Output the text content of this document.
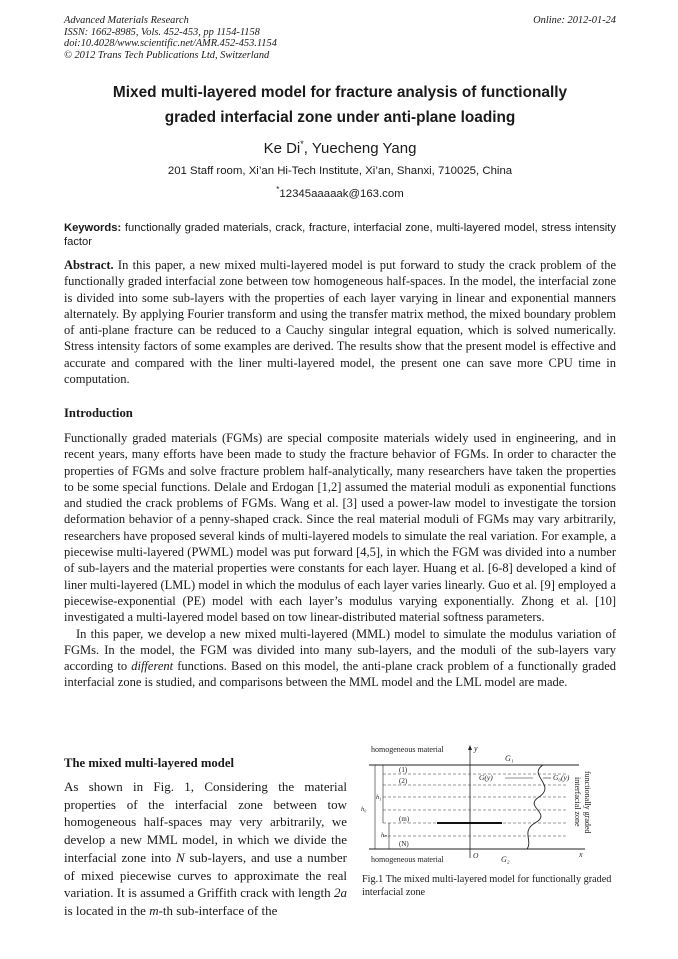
Advanced Materials Research
ISSN: 1662-8985, Vols. 452-453, pp 1154-1158
doi:10.4028/www.scientific.net/AMR.452-453.1154
© 2012 Trans Tech Publications Ltd, Switzerland
Online: 2012-01-24
Mixed multi-layered model for fracture analysis of functionally
graded interfacial zone under anti-plane loading
Ke Di*, Yuecheng Yang
201 Staff room, Xi’an Hi-Tech Institute, Xi’an, Shanxi, 710025, China
*12345aaaaak@163.com
Keywords: functionally graded materials, crack, fracture, interfacial zone, multi-layered model, stress intensity factor
Abstract. In this paper, a new mixed multi-layered model is put forward to study the crack problem of the functionally graded interfacial zone between tow homogeneous half-spaces. In the model, the interfacial zone is divided into some sub-layers with the properties of each layer varying in linear and exponential manners alternately. By applying Fourier transform and using the transfer matrix method, the mixed boundary problem of anti-plane fracture can be reduced to a Cauchy singular integral equation, which is solved numerically. Stress intensity factors of some examples are derived. The results show that the present model is effective and accurate and compared with the liner multi-layered model, the present one can save more CPU time in computation.
Introduction

Functionally graded materials (FGMs) are special composite materials widely used in engineering, and in recent years, many efforts have been made to study the fracture behavior of FGMs. In order to character the properties of FGMs and solve fracture problem half-analytically, many researchers have taken the properties to be some special functions. Delale and Erdogan [1,2] assumed the material moduli as exponential functions and studied the crack problems of FGMs. Wang et al. [3] used a power-law model to investigate the torsion deformation behavior of a penny-shaped crack. Since the real material moduli of FGMs may vary arbitrarily, researchers have proposed several kinds of multi-layered models to simulate the real variation. For example, a piecewise multi-layered (PWML) model was put forward [4,5], in which the FGM was divided into a number of sub-layers and the material properties were constants for each layer. Huang et al. [6-8] developed a kind of liner multi-layered (LML) model in which the modulus of each layer varies linearly. Guo et al. [9] employed a piecewise-exponential (PE) model with each layer’s modulus varying exponentially. Zhong et al. [10] investigated a multi-layered model based on tow linear-distributed material softness parameters.

In this paper, we develop a new mixed multi-layered (MML) model to simulate the modulus variation of FGMs. In the model, the FGM was divided into many sub-layers, and the moduli of the sub-layers vary according to different functions. Based on this model, the anti-plane crack problem of a functionally graded interfacial zone is studied, and comparisons between the MML model and the LML model are made.

The mixed multi-layered model
As shown in Fig. 1, Considering the material properties of the interfacial zone between tow homogeneous half-spaces may very arbitrarily, we develop a new MML model, in which we divide the interfacial zone into N sub-layers, and use a number of mixed piecewise curves to approximate the real variation. It is assumed a Griffith crack with length 2a is located in the m-th sub-interface of the
homogeneous material	y
G₁
(1)
(2)
(m)
(N)
h₀
h₁
hₙ
G(y)	G₀(y)
O	x
homogeneous material	G₂
functionally graded
interfacial zone
Fig.1 The mixed multi-layered model for functionally graded interfacial zone
